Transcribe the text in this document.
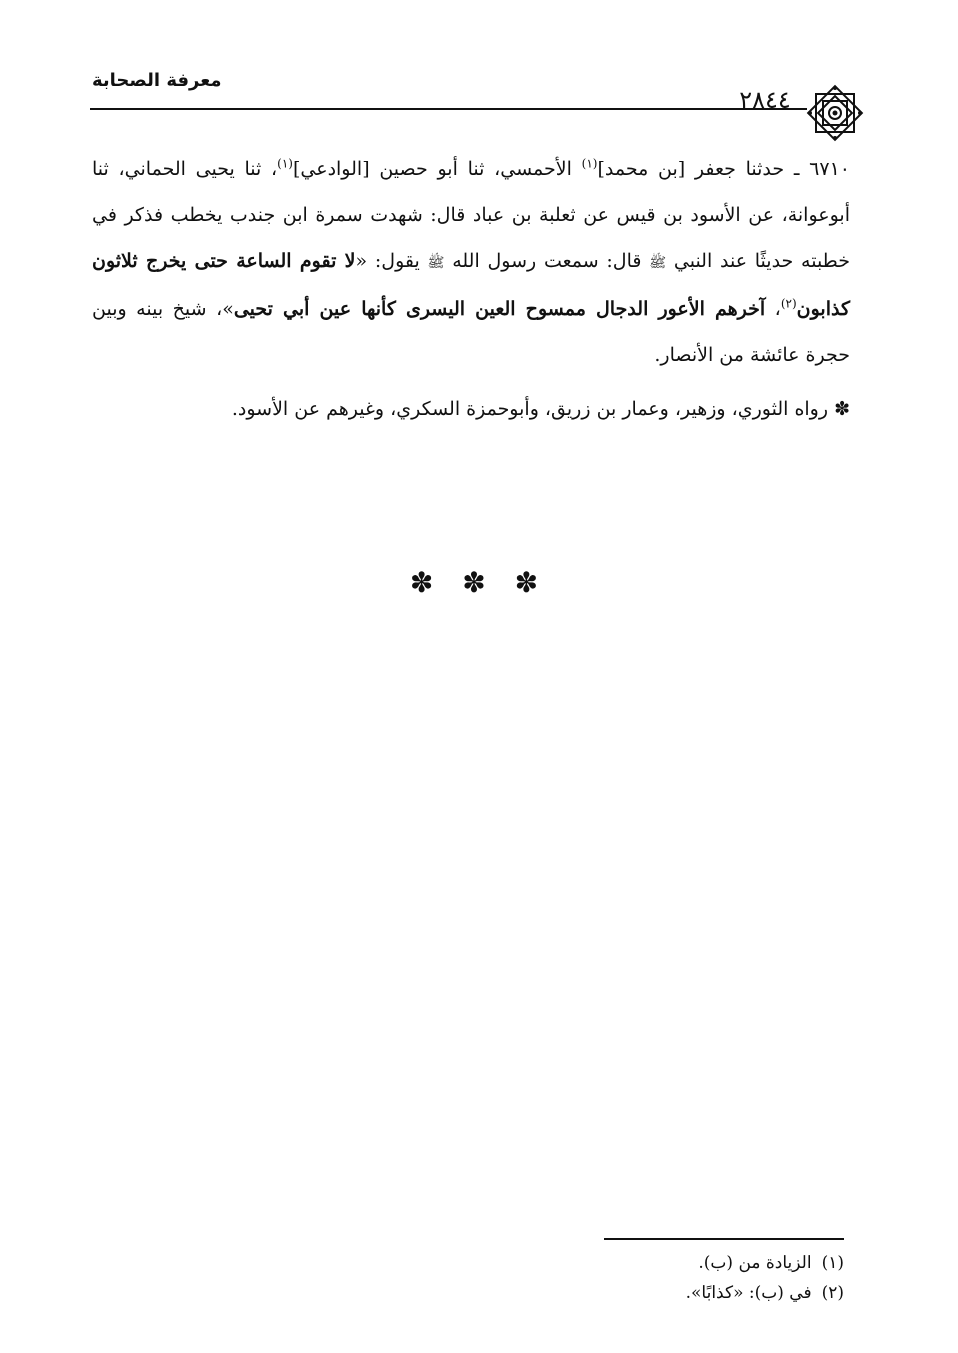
معرفة الصحابة
٢٨٤٤

٦٧١٠ ـ حدثنا جعفر [بن محمد]$^{(١)}$ الأحمسي، ثنا أبو حصين [الوادعي]$^{(١)}$، ثنا يحيى الحماني، ثنا أبوعوانة، عن الأسود بن قيس عن ثعلبة بن عباد قال: شهدت سمرة ابن جندب يخطب فذكر في خطبته حديثًا عند النبي ﷺ قال: سمعت رسول الله ﷺ يقول: «لا تقوم الساعة حتى يخرج ثلاثون كذابون$^{(٢)}$، آخرهم الأعور الدجال ممسوح العين اليسرى كأنها عين أبي تحيى»، شيخ بينه وبين حجرة عائشة من الأنصار.

✽ رواه الثوري، وزهير، وعمار بن زريق، وأبوحمزة السكري، وغيرهم عن الأسود.

✽ ✽ ✽
(١)الزيادة من (ب).
(٢)في (ب): «كذابًا».
